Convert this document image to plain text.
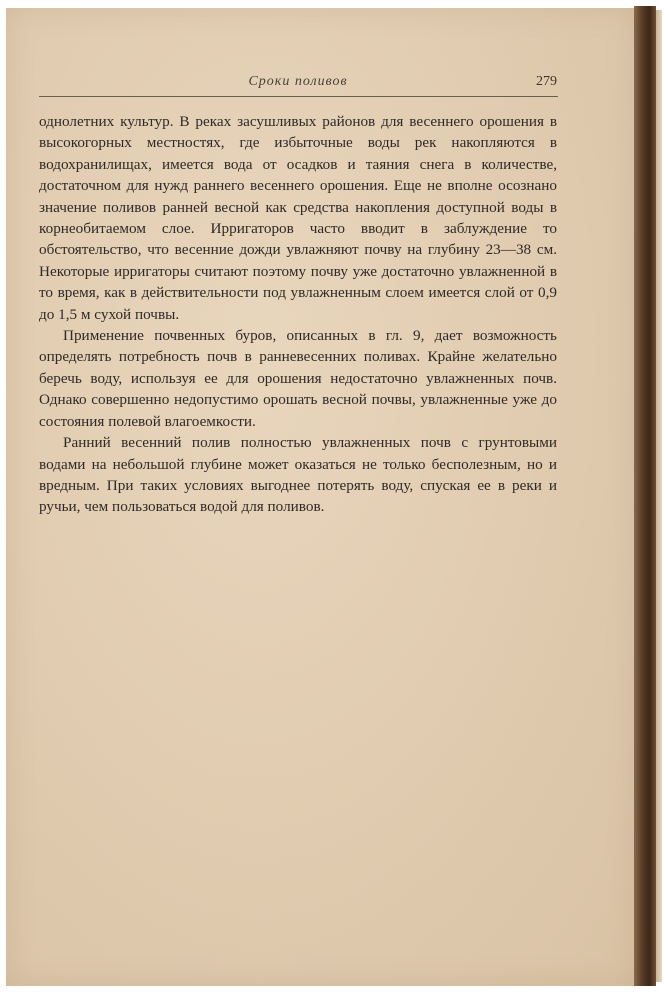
Сроки поливов	279

однолетних культур. В реках засушливых районов для весеннего орошения в высокогорных местностях, где избыточные воды рек накопляются в водохранилищах, имеется вода от осадков и таяния снега в количестве, достаточном для нужд раннего весеннего орошения. Еще не вполне осознано значение поливов ранней весной как средства накопления доступной воды в корнеобитаемом слое. Ирригаторов часто вводит в заблуждение то обстоятельство, что весенние дожди увлажняют почву на глубину 23—38 см. Некоторые ирригаторы считают поэтому почву уже достаточно увлажненной в то время, как в действительности под увлажненным слоем имеется слой от 0,9 до 1,5 м сухой почвы.

Применение почвенных буров, описанных в гл. 9, дает возможность определять потребность почв в ранневесенних поливах. Крайне желательно беречь воду, используя ее для орошения недостаточно увлажненных почв. Однако совершенно недопустимо орошать весной почвы, увлажненные уже до состояния полевой влагоемкости.

Ранний весенний полив полностью увлажненных почв с грунтовыми водами на небольшой глубине может оказаться не только бесполезным, но и вредным. При таких условиях выгоднее потерять воду, спуская ее в реки и ручьи, чем пользоваться водой для поливов.
